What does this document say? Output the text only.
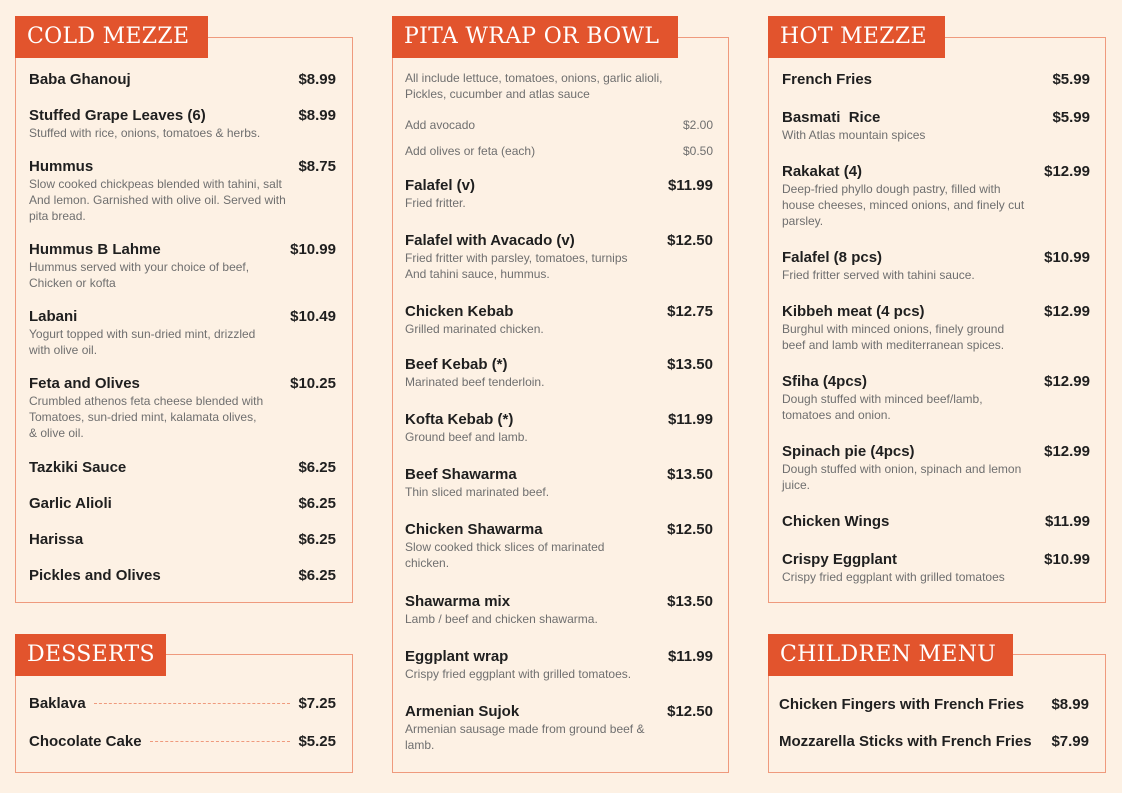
COLD MEZZE
Baba Ghanouj	$8.99
Stuffed Grape Leaves (6)	$8.99
Stuffed with rice, onions, tomatoes & herbs.
Hummus	$8.75
Slow cooked chickpeas blended with tahini, salt
And lemon. Garnished with olive oil. Served with
pita bread.
Hummus B Lahme	$10.99
Hummus served with your choice of beef,
Chicken or kofta
Labani	$10.49
Yogurt topped with sun-dried mint, drizzled
with olive oil.
Feta and Olives	$10.25
Crumbled athenos feta cheese blended with
Tomatoes, sun-dried mint, kalamata olives,
& olive oil.
Tazkiki Sauce	$6.25
Garlic Alioli	$6.25
Harissa	$6.25
Pickles and Olives	$6.25
DESSERTS
Baklava	$7.25
Chocolate Cake	$5.25
PITA WRAP OR BOWL
All include lettuce, tomatoes, onions, garlic alioli,
Pickles, cucumber and atlas sauce
Add avocado	$2.00
Add olives or feta (each)	$0.50
Falafel (v)	$11.99
Fried fritter.
Falafel with Avacado (v)	$12.50
Fried fritter with parsley, tomatoes, turnips
And tahini sauce, hummus.
Chicken Kebab	$12.75
Grilled marinated chicken.
Beef Kebab (*)	$13.50
Marinated beef tenderloin.
Kofta Kebab (*)	$11.99
Ground beef and lamb.
Beef Shawarma	$13.50
Thin sliced marinated beef.
Chicken Shawarma	$12.50
Slow cooked thick slices of marinated
chicken.
Shawarma mix	$13.50
Lamb / beef and chicken shawarma.
Eggplant wrap	$11.99
Crispy fried eggplant with grilled tomatoes.
Armenian Sujok	$12.50
Armenian sausage made from ground beef &
lamb.
HOT MEZZE
French Fries	$5.99
Basmati  Rice	$5.99
With Atlas mountain spices
Rakakat (4)	$12.99
Deep-fried phyllo dough pastry, filled with
house cheeses, minced onions, and finely cut
parsley.
Falafel (8 pcs)	$10.99
Fried fritter served with tahini sauce.
Kibbeh meat (4 pcs)	$12.99
Burghul with minced onions, finely ground
beef and lamb with mediterranean spices.
Sfiha (4pcs)	$12.99
Dough stuffed with minced beef/lamb,
tomatoes and onion.
Spinach pie (4pcs)	$12.99
Dough stuffed with onion, spinach and lemon
juice.
Chicken Wings	$11.99
Crispy Eggplant	$10.99
Crispy fried eggplant with grilled tomatoes
CHILDREN MENU
Chicken Fingers with French Fries $8.99
Mozzarella Sticks with French Fries $7.99
